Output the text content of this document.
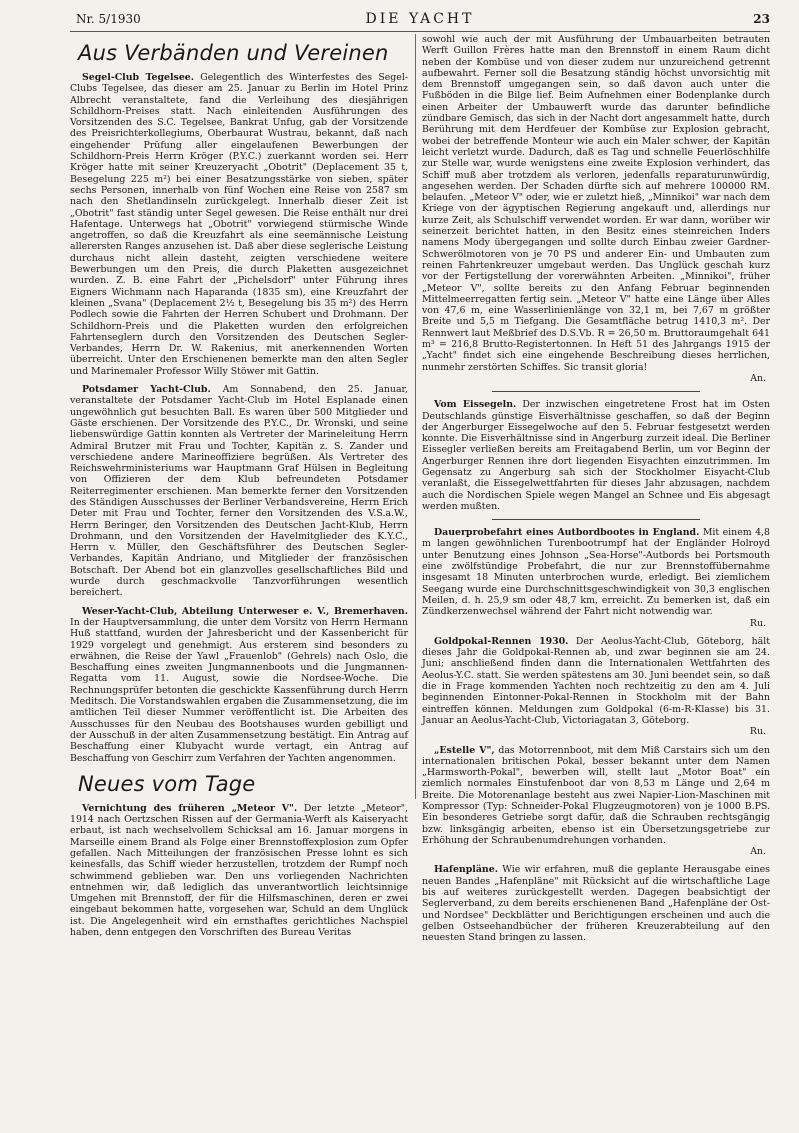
Nr. 5/1930	DIE YACHT	23
Aus Verbänden und Vereinen

Segel-Club Tegelsee. Gelegentlich des Winterfestes des Segel-Clubs Tegelsee, das dieser am 25. Januar zu Berlin im Hotel Prinz Albrecht veranstaltete, fand die Verleihung des diesjährigen Schildhorn-Preises statt. Nach einleitenden Ausführungen des Vorsitzenden des S.C. Tegelsee, Bankrat Unfug, gab der Vorsitzende des Preisrichterkollegiums, Oberbaurat Wustrau, bekannt, daß nach eingehender Prüfung aller eingelaufenen Bewerbungen der Schildhorn-Preis Herrn Kröger (P.Y.C.) zuerkannt worden sei. Herr Kröger hatte mit seiner Kreuzeryacht „Obotrit" (Deplacement 35 t, Besegelung 225 m²) bei einer Besatzungsstärke von sieben, später sechs Personen, innerhalb von fünf Wochen eine Reise von 2587 sm nach den Shetlandinseln zurückgelegt. Innerhalb dieser Zeit ist „Obotrit" fast ständig unter Segel gewesen. Die Reise enthält nur drei Hafentage. Unterwegs hat „Obotrit" vorwiegend stürmische Winde angetroffen, so daß die Kreuzfahrt als eine seemännische Leistung allerersten Ranges anzusehen ist. Daß aber diese seglerische Leistung durchaus nicht allein dasteht, zeigten verschiedene weitere Bewerbungen um den Preis, die durch Plaketten ausgezeichnet wurden. Z. B. eine Fahrt der „Pichelsdorf" unter Führung ihres Eigners Wichmann nach Haparanda (1835 sm), eine Kreuzfahrt der kleinen „Svana" (Deplacement 2½ t, Besegelung bis 35 m²) des Herrn Podlech sowie die Fahrten der Herren Schubert und Drohmann. Der Schildhorn-Preis und die Plaketten wurden den erfolgreichen Fahrtenseglern durch den Vorsitzenden des Deutschen Segler-Verbandes, Herrn Dr. W. Rakenius, mit anerkennenden Worten überreicht. Unter den Erschienenen bemerkte man den alten Segler und Marinemaler Professor Willy Stöwer mit Gattin.

Potsdamer Yacht-Club. Am Sonnabend, den 25. Januar, veranstaltete der Potsdamer Yacht-Club im Hotel Esplanade einen ungewöhnlich gut besuchten Ball. Es waren über 500 Mitglieder und Gäste erschienen. Der Vorsitzende des P.Y.C., Dr. Wronski, und seine liebenswürdige Gattin konnten als Vertreter der Marineleitung Herrn Admiral Brutzer mit Frau und Tochter, Kapitän z. S. Zander und verschiedene andere Marineoffiziere begrüßen. Als Vertreter des Reichswehrministeriums war Hauptmann Graf Hülsen in Begleitung von Offizieren der dem Klub befreundeten Potsdamer Reiterregimenter erschienen. Man bemerkte ferner den Vorsitzenden des Ständigen Ausschusses der Berliner Verbandsvereine, Herrn Erich Deter mit Frau und Tochter, ferner den Vorsitzenden des V.S.a.W., Herrn Beringer, den Vorsitzenden des Deutschen Jacht-Klub, Herrn Drohmann, und den Vorsitzenden der Havelmitglieder des K.Y.C., Herrn v. Müller, den Geschäftsführer des Deutschen Segler-Verbandes, Kapitän Andriano, und Mitglieder der französischen Botschaft. Der Abend bot ein glanzvolles gesellschaftliches Bild und wurde durch geschmackvolle Tanzvorführungen wesentlich bereichert.

Weser-Yacht-Club, Abteilung Unterweser e. V., Bremerhaven. In der Hauptversammlung, die unter dem Vorsitz von Herrn Hermann Huß stattfand, wurden der Jahresbericht und der Kassenbericht für 1929 vorgelegt und genehmigt. Aus ersterem sind besonders zu erwähnen, die Reise der Yawl „Frauenlob" (Gehrels) nach Oslo, die Beschaffung eines zweiten Jungmannenboots und die Jungmannen-Regatta vom 11. August, sowie die Nordsee-Woche. Die Rechnungsprüfer betonten die geschickte Kassenführung durch Herrn Meditsch. Die Vorstandswahlen ergaben die Zusammensetzung, die im amtlichen Teil dieser Nummer veröffentlicht ist. Die Arbeiten des Ausschusses für den Neubau des Bootshauses wurden gebilligt und der Ausschuß in der alten Zusammensetzung bestätigt. Ein Antrag auf Beschaffung einer Klubyacht wurde vertagt, ein Antrag auf Beschaffung von Geschirr zum Verfahren der Yachten angenommen.

Neues vom Tage

Vernichtung des früheren „Meteor V". Der letzte „Meteor", 1914 nach Oertzschen Rissen auf der Germania-Werft als Kaiseryacht erbaut, ist nach wechselvollem Schicksal am 16. Januar morgens in Marseille einem Brand als Folge einer Brennstoffexplosion zum Opfer gefallen. Nach Mitteilungen der französischen Presse lohnt es sich keinesfalls, das Schiff wieder herzustellen, trotzdem der Rumpf noch schwimmend geblieben war. Den uns vorliegenden Nachrichten entnehmen wir, daß lediglich das unverantwortlich leichtsinnige Umgehen mit Brennstoff, der für die Hilfsmaschinen, deren er zwei eingebaut bekommen hatte, vorgesehen war, Schuld an dem Unglück ist. Die Angelegenheit wird ein ernsthaftes gerichtliches Nachspiel haben, denn entgegen den Vorschriften des Bureau Veritas

sowohl wie auch der mit Ausführung der Umbauarbeiten betrauten Werft Guillon Frères hatte man den Brennstoff in einem Raum dicht neben der Kombüse und von dieser zudem nur unzureichend getrennt aufbewahrt. Ferner soll die Besatzung ständig höchst unvorsichtig mit dem Brennstoff umgegangen sein, so daß davon auch unter die Fußböden in die Bilge lief. Beim Aufnehmen einer Bodenplanke durch einen Arbeiter der Umbauwerft wurde das darunter befindliche zündbare Gemisch, das sich in der Nacht dort angesammelt hatte, durch Berührung mit dem Herdfeuer der Kombüse zur Explosion gebracht, wobei der betreffende Monteur wie auch ein Maler schwer, der Kapitän leicht verletzt wurde. Dadurch, daß es Tag und schnelle Feuerlöschhilfe zur Stelle war, wurde wenigstens eine zweite Explosion verhindert, das Schiff muß aber trotzdem als verloren, jedenfalls reparaturunwürdig, angesehen werden. Der Schaden dürfte sich auf mehrere 100000 RM. belaufen. „Meteor V" oder, wie er zuletzt hieß, „Minnikoi" war nach dem Kriege von der ägyptischen Regierung angekauft und, allerdings nur kurze Zeit, als Schulschiff verwendet worden. Er war dann, worüber wir seinerzeit berichtet hatten, in den Besitz eines steinreichen Inders namens Mody übergegangen und sollte durch Einbau zweier Gardner-Schwerölmotoren von je 70 PS und anderer Ein- und Umbauten zum reinen Fahrtenkreuzer umgebaut werden. Das Unglück geschah kurz vor der Fertigstellung der vorerwähnten Arbeiten. „Minnikoi", früher „Meteor V", sollte bereits zu den Anfang Februar beginnenden Mittelmeerregatten fertig sein. „Meteor V" hatte eine Länge über Alles von 47,6 m, eine Wasserlinienlänge von 32,1 m, bei 7,67 m größter Breite und 5,5 m Tiefgang. Die Gesamtfläche betrug 1410,3 m². Der Rennwert laut Meßbrief des D.S.Vb. R = 26,50 m. Bruttoraumgehalt 641 m³ = 216,8 Brutto-Registertonnen. In Heft 51 des Jahrgangs 1915 der „Yacht" findet sich eine eingehende Beschreibung dieses herrlichen, nunmehr zerstörten Schiffes. Sic transit gloria!

An.

Vom Eissegeln. Der inzwischen eingetretene Frost hat im Osten Deutschlands günstige Eisverhältnisse geschaffen, so daß der Beginn der Angerburger Eissegelwoche auf den 5. Februar festgesetzt werden konnte. Die Eisverhältnisse sind in Angerburg zurzeit ideal. Die Berliner Eissegler verließen bereits am Freitagabend Berlin, um vor Beginn der Angerburger Rennen ihre dort liegenden Eisyachten einzutrimmen. Im Gegensatz zu Angerburg sah sich der Stockholmer Eisyacht-Club veranlaßt, die Eissegelwettfahrten für dieses Jahr abzusagen, nachdem auch die Nordischen Spiele wegen Mangel an Schnee und Eis abgesagt werden mußten.

Dauerprobefahrt eines Autbordbootes in England. Mit einem 4,8 m langen gewöhnlichen Turenbootrumpf hat der Engländer Holroyd unter Benutzung eines Johnson „Sea-Horse"-Autbords bei Portsmouth eine zwölfstündige Probefahrt, die nur zur Brennstoffübernahme insgesamt 18 Minuten unterbrochen wurde, erledigt. Bei ziemlichem Seegang wurde eine Durchschnittsgeschwindigkeit von 30,3 englischen Meilen, d. h. 25,9 sm oder 48,7 km, erreicht. Zu bemerken ist, daß ein Zündkerzenwechsel während der Fahrt nicht notwendig war.

Ru.

Goldpokal-Rennen 1930. Der Aeolus-Yacht-Club, Göteborg, hält dieses Jahr die Goldpokal-Rennen ab, und zwar beginnen sie am 24. Juni; anschließend finden dann die Internationalen Wettfahrten des Aeolus-Y.C. statt. Sie werden spätestens am 30. Juni beendet sein, so daß die in Frage kommenden Yachten noch rechtzeitig zu den am 4. Juli beginnenden Eintonner-Pokal-Rennen in Stockholm mit der Bahn eintreffen können. Meldungen zum Goldpokal (6-m-R-Klasse) bis 31. Januar an Aeolus-Yacht-Club, Victoriagatan 3, Göteborg.

Ru.

„Estelle V", das Motorrennboot, mit dem Miß Carstairs sich um den internationalen britischen Pokal, besser bekannt unter dem Namen „Harmsworth-Pokal", bewerben will, stellt laut „Motor Boat" ein ziemlich normales Einstufenboot dar von 8,53 m Länge und 2,64 m Breite. Die Motorenanlage besteht aus zwei Napier-Lion-Maschinen mit Kompressor (Typ: Schneider-Pokal Flugzeugmotoren) von je 1000 B.PS. Ein besonderes Getriebe sorgt dafür, daß die Schrauben rechtsgängig bzw. linksgängig arbeiten, ebenso ist ein Übersetzungsgetriebe zur Erhöhung der Schraubenumdrehungen vorhanden.

An.

Hafenpläne. Wie wir erfahren, muß die geplante Herausgabe eines neuen Bandes „Hafenpläne" mit Rücksicht auf die wirtschaftliche Lage bis auf weiteres zurückgestellt werden. Dagegen beabsichtigt der Seglerverband, zu dem bereits erschienenen Band „Hafenpläne der Ost- und Nordsee" Deckblätter und Berichtigungen erscheinen und auch die gelben Ostseehandbücher der früheren Kreuzerabteilung auf den neuesten Stand bringen zu lassen.
